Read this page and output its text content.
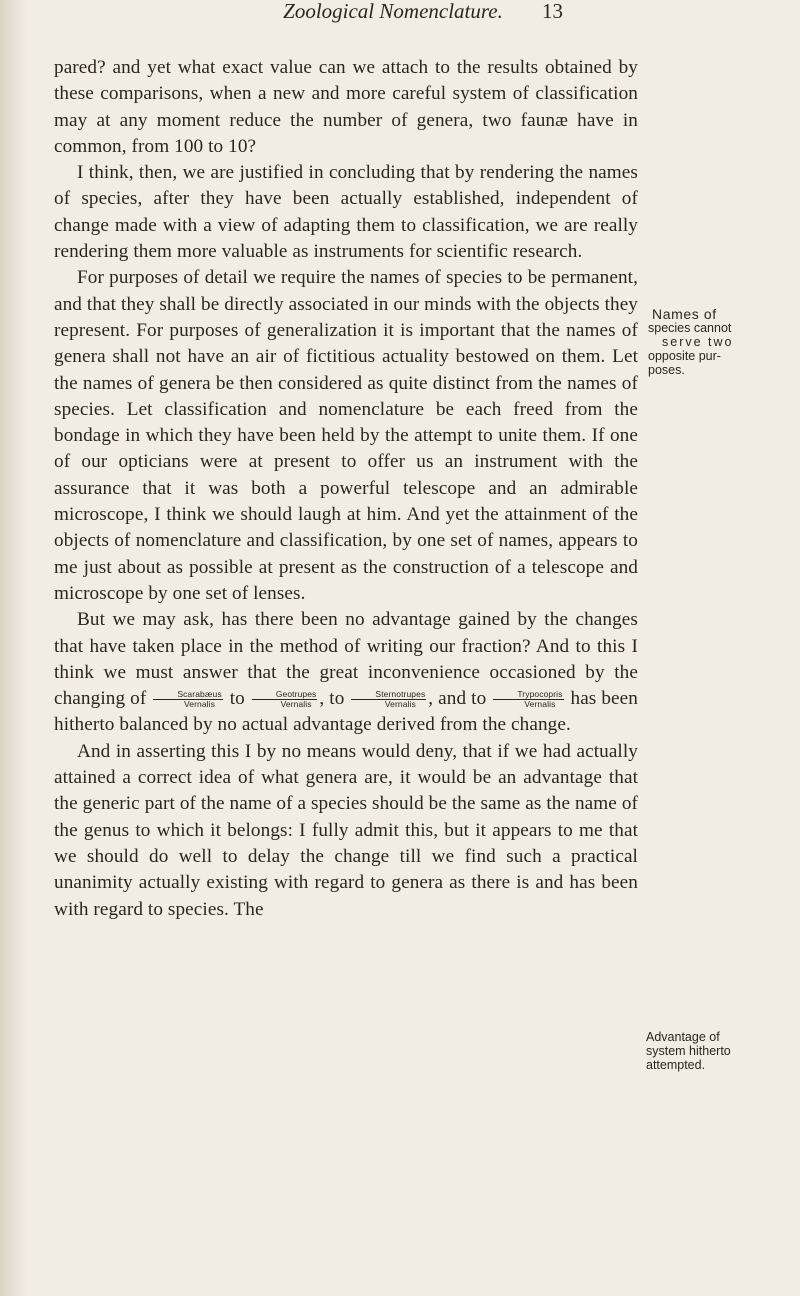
Zoological Nomenclature.	13

pared? and yet what exact value can we attach to the results obtained by these comparisons, when a new and more careful system of classification may at any moment reduce the number of genera, two faunæ have in common, from 100 to 10?

I think, then, we are justified in concluding that by rendering the names of species, after they have been actually established, independent of change made with a view of adapting them to classification, we are really rendering them more valuable as instruments for scientific research.

For purposes of detail we require the names of species to be permanent, and that they shall be directly associated in our minds with the objects they represent. For purposes of generalization it is important that the names of genera shall not have an air of fictitious actuality bestowed on them. Let the names of genera be then considered as quite distinct from the names of species. Let classification and nomenclature be each freed from the bondage in which they have been held by the attempt to unite them. If one of our opticians were at present to offer us an instrument with the assurance that it was both a powerful telescope and an admirable microscope, I think we should laugh at him. And yet the attainment of the objects of nomenclature and classification, by one set of names, appears to me just about as possible at present as the construction of a telescope and microscope by one set of lenses.

But we may ask, has there been no advantage gained by the changes that have taken place in the method of writing our fraction? And to this I think we must answer that the great inconvenience occasioned by the changing of $\frac{\text{Scarabæus}}{\text{Vernalis}}$ to $\frac{\text{Geotrupes}}{\text{Vernalis}}$ , to $\frac{\text{Sternotrupes}}{\text{Vernalis}}$ , and to $\frac{\text{Trypocopris}}{\text{Vernalis}}$ has been hitherto balanced by no actual advantage derived from the change.

And in asserting this I by no means would deny, that if we had actually attained a correct idea of what genera are, it would be an advantage that the generic part of the name of a species should be the same as the name of the genus to which it belongs: I fully admit this, but it appears to me that we should do well to delay the change till we find such a practical unanimity actually existing with regard to genera as there is and has been with regard to species. The

Names of
species cannot
serve two
opposite pur-
poses.
Advantage of
system hitherto
attempted.
